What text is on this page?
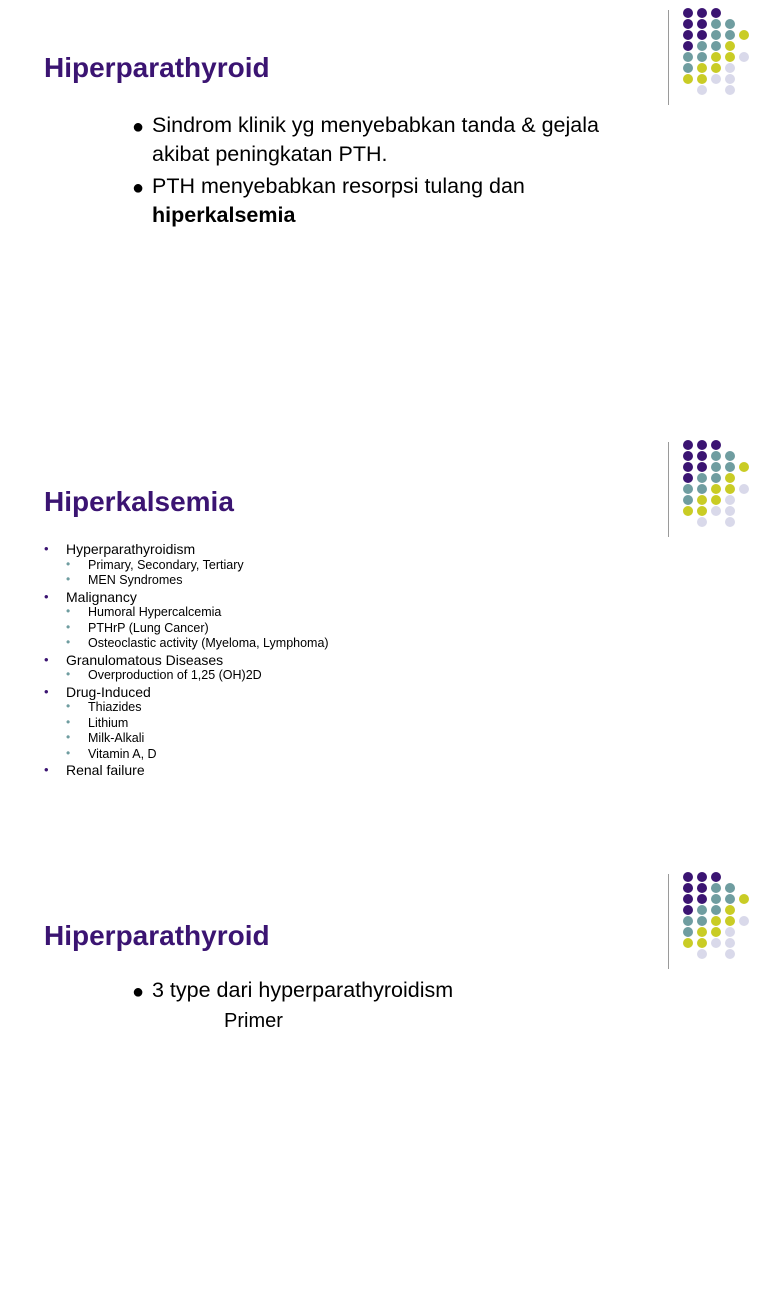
Hiperparathyroid
● Sindrom klinik yg menyebabkan tanda & gejala akibat peningkatan PTH.
● PTH menyebabkan resorpsi tulang dan hiperkalsemia
Hiperkalsemia
• Hyperparathyroidism
• Primary, Secondary, Tertiary
• MEN Syndromes
• Malignancy
• Humoral Hypercalcemia
• PTHrP (Lung Cancer)
• Osteoclastic activity (Myeloma, Lymphoma)
• Granulomatous Diseases
• Overproduction of 1,25 (OH)2D
• Drug-Induced
• Thiazides
• Lithium
• Milk-Alkali
• Vitamin A, D
• Renal failure
Hiperparathyroid
● 3 type dari hyperparathyroidism
Primer
